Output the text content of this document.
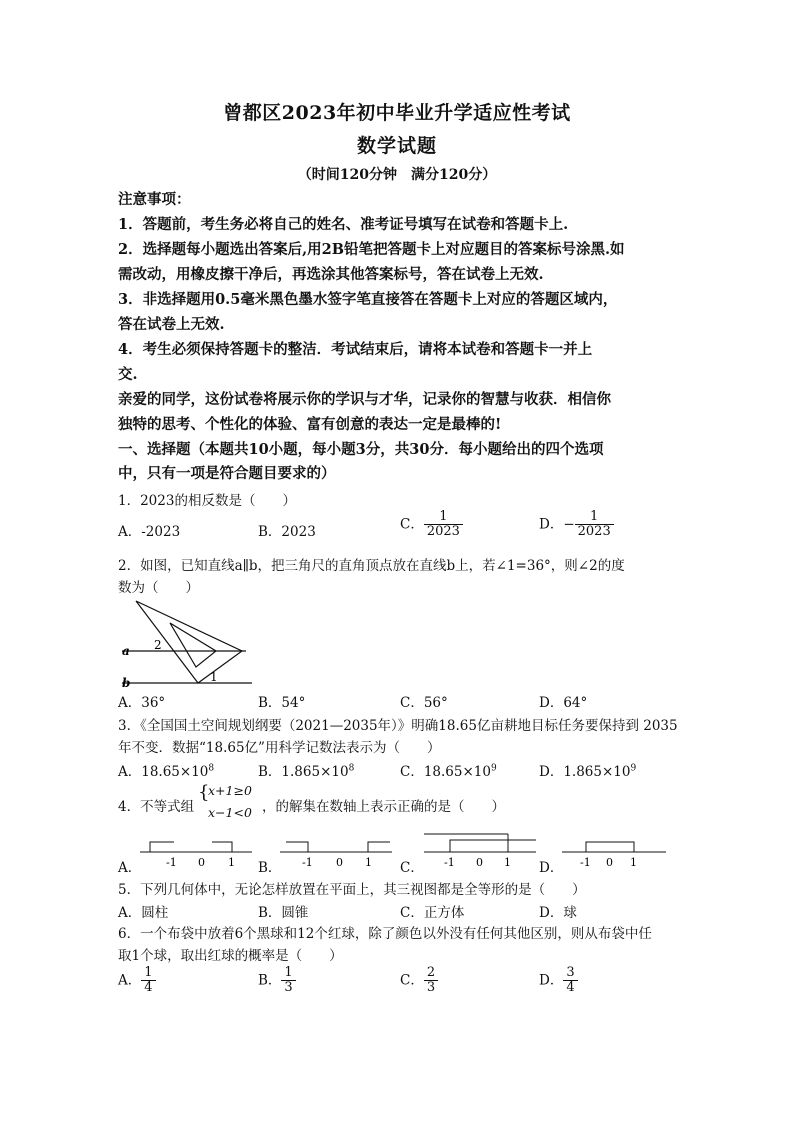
曾都区2023年初中毕业升学适应性考试
数学试题
（时间120分钟　满分120分）
注意事项：
1．答题前，考生务必将自己的姓名、准考证号填写在试卷和答题卡上.
2．选择题每小题选出答案后,用2B铅笔把答题卡上对应题目的答案标号涂黑.如
需改动，用橡皮擦干净后，再选涂其他答案标号，答在试卷上无效.
3．非选择题用0.5毫米黑色墨水签字笔直接答在答题卡上对应的答题区域内，
答在试卷上无效.
4．考生必须保持答题卡的整洁．考试结束后，请将本试卷和答题卡一并上
交.
亲爱的同学，这份试卷将展示你的学识与才华，记录你的智慧与收获．相信你
独特的思考、个性化的体验、富有创意的表达一定是最棒的!
一、选择题（本题共10小题，每小题3分，共30分．每小题给出的四个选项
中，只有一项是符合题目要求的）
1．2023的相反数是（　　）
A．-2023	B．2023	C． $\frac{1}{2023}$	D．− $\frac{1}{2023}$
2．如图，已知直线a∥b，把三角尺的直角顶点放在直线b上，若∠1=36°，则∠2的度
数为（　　）
a
b
2
1
A．36°	B．54°	C．56°	D．64°
3．《全国国土空间规划纲要（2021—2035年）》明确18.65亿亩耕地目标任务要保持到 2035
年不变．数据“18.65亿”用科学记数法表示为（　　）
A．$18.65\times 10^8$	B．$1.865\times 10^8$	C．$18.65\times 10^9$	D．$1.865\times 10^9$
4．不等式组
{
x+1≥0
x−1<0 ，的解集在数轴上表示正确的是（　　）
A． -1 0 1 B． -1 0 1 C． -1 0 1 D． -1 0 1
5．下列几何体中，无论怎样放置在平面上，其三视图都是全等形的是（　　）
A．圆柱	B．圆锥	C．正方体	D．球
6．一个布袋中放着6个黑球和12个红球，除了颜色以外没有任何其他区别，则从布袋中任
取1个球，取出红球的概率是（　　）
A． $\frac{1}{4}$	B． $\frac{1}{3}$	C． $\frac{2}{3}$	D． $\frac{3}{4}$
